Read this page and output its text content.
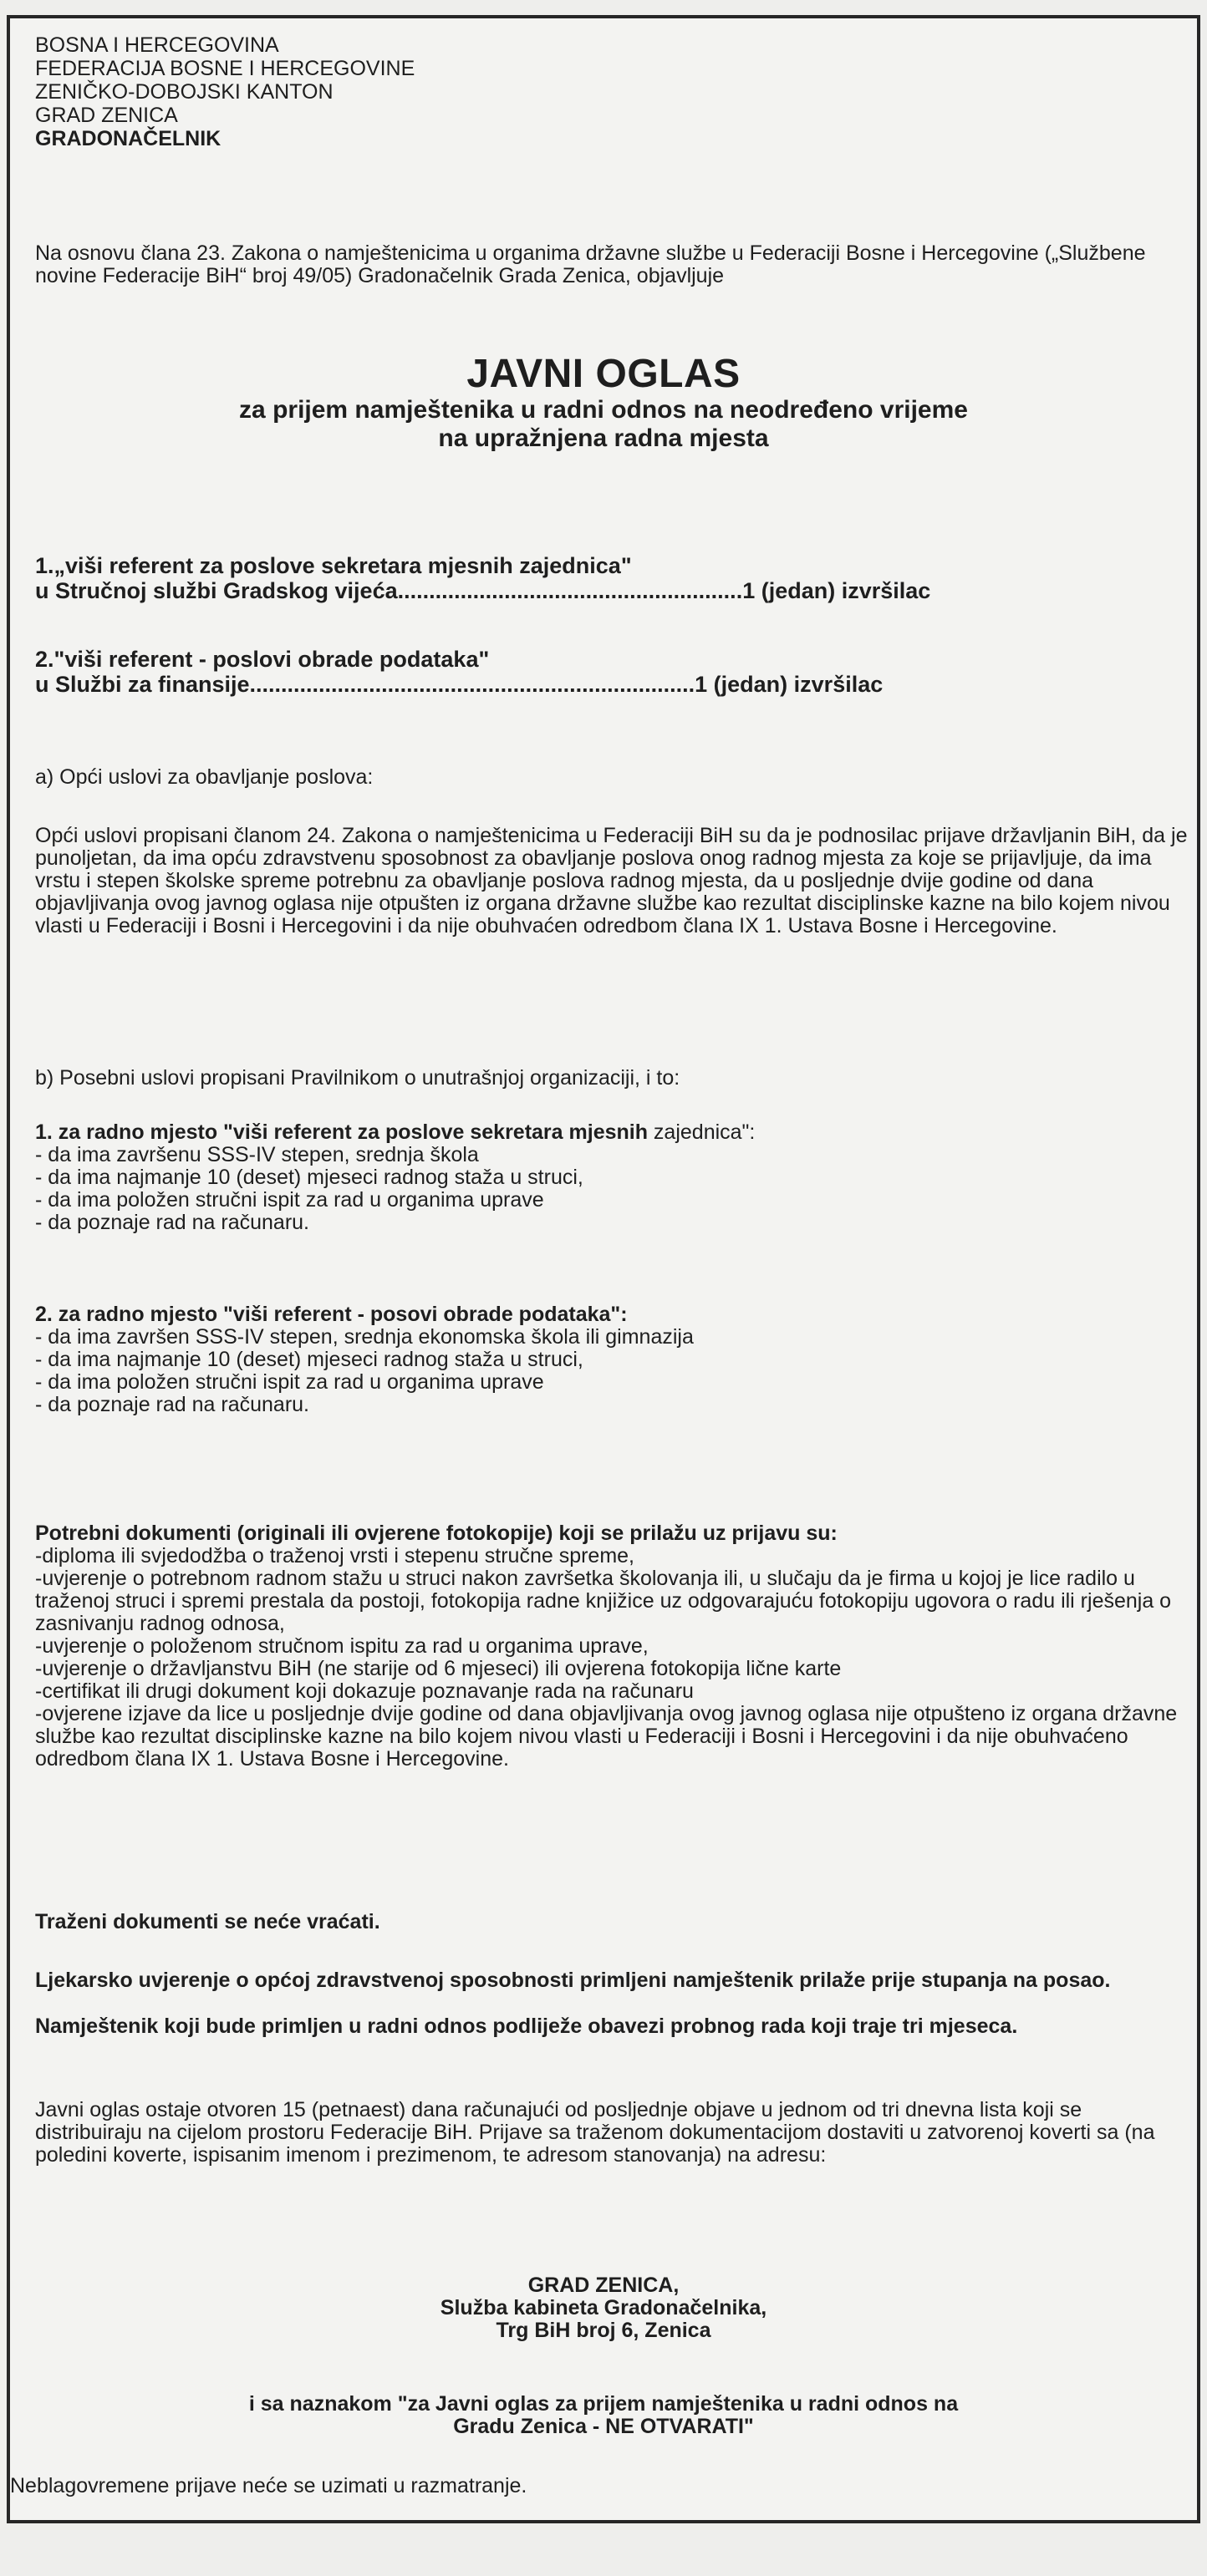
BOSNA I HERCEGOVINA
FEDERACIJA BOSNE I HERCEGOVINE
ZENIČKO-DOBOJSKI KANTON
GRAD ZENICA
GRADONAČELNIK
Na osnovu člana 23. Zakona o namještenicima u organima državne službe u Federaciji Bosne i Hercegovine („Službene novine Federacije BiH“ broj 49/05) Gradonačelnik Grada Zenica, objavljuje
JAVNI OGLAS
za prijem namještenika u radni odnos na neodređeno vrijeme
na upražnjena radna mjesta
1.„viši referent za poslove sekretara mjesnih zajednica"
u Stručnoj službi Gradskog vijeća.......................................................1 (jedan) izvršilac
2."viši referent - poslovi obrade podataka"
u Službi za finansije.......................................................................1 (jedan) izvršilac
a) Opći uslovi za obavljanje poslova:
Opći uslovi propisani članom 24. Zakona o namještenicima u Federaciji BiH su da je podnosilac prijave državljanin BiH, da je punoljetan, da ima opću zdravstvenu sposobnost za obavljanje poslova onog radnog mjesta za koje se prijavljuje, da ima vrstu i stepen školske spreme potrebnu za obavljanje poslova radnog mjesta, da u posljednje dvije godine od dana objavljivanja ovog javnog oglasa nije otpušten iz organa državne službe kao rezultat disciplinske kazne na bilo kojem nivou vlasti u Federaciji i Bosni i Hercegovini i da nije obuhvaćen odredbom člana IX 1. Ustava Bosne i Hercegovine.
b) Posebni uslovi propisani Pravilnikom o unutrašnjoj organizaciji, i to:
1. za radno mjesto "viši referent za poslove sekretara mjesnih zajednica":
- da ima završenu SSS-IV stepen, srednja škola
- da ima najmanje 10 (deset) mjeseci radnog staža u struci,
- da ima položen stručni ispit za rad u organima uprave
- da poznaje rad na računaru.
2. za radno mjesto "viši referent - posovi obrade podataka":
- da ima završen SSS-IV stepen, srednja ekonomska škola ili gimnazija
- da ima najmanje 10 (deset) mjeseci radnog staža u struci,
- da ima položen stručni ispit za rad u organima uprave
- da poznaje rad na računaru.
Potrebni dokumenti (originali ili ovjerene fotokopije) koji se prilažu uz prijavu su:
-diploma ili svjedodžba o traženoj vrsti i stepenu stručne spreme,
-uvjerenje o potrebnom radnom stažu u struci nakon završetka školovanja ili, u slučaju da je firma u kojoj je lice radilo u traženoj struci i spremi prestala da postoji, fotokopija radne knjižice uz odgovarajuću fotokopiju ugovora o radu ili rješenja o zasnivanju radnog odnosa,
-uvjerenje o položenom stručnom ispitu za rad u organima uprave,
-uvjerenje o državljanstvu BiH (ne starije od 6 mjeseci) ili ovjerena fotokopija lične karte
-certifikat ili drugi dokument koji dokazuje poznavanje rada na računaru
-ovjerene izjave da lice u posljednje dvije godine od dana objavljivanja ovog javnog oglasa nije otpušteno iz organa državne službe kao rezultat disciplinske kazne na bilo kojem nivou vlasti u Federaciji i Bosni i Hercegovini i da nije obuhvaćeno odredbom člana IX 1. Ustava Bosne i Hercegovine.
Traženi dokumenti se neće vraćati.
Ljekarsko uvjerenje o općoj zdravstvenoj sposobnosti primljeni namještenik prilaže prije stupanja na posao.
Namještenik koji bude primljen u radni odnos podliježe obavezi probnog rada koji traje tri mjeseca.
Javni oglas ostaje otvoren 15 (petnaest) dana računajući od posljednje objave u jednom od tri dnevna lista koji se distribuiraju na cijelom prostoru Federacije BiH. Prijave sa traženom dokumentacijom dostaviti u zatvorenoj koverti sa (na poledini koverte, ispisanim imenom i prezimenom, te adresom stanovanja) na adresu:
GRAD ZENICA,
Služba kabineta Gradonačelnika,
Trg BiH broj 6, Zenica
i sa naznakom "za Javni oglas za prijem namještenika u radni odnos na
Gradu Zenica - NE OTVARATI"
Neblagovremene prijave neće se uzimati u razmatranje.
